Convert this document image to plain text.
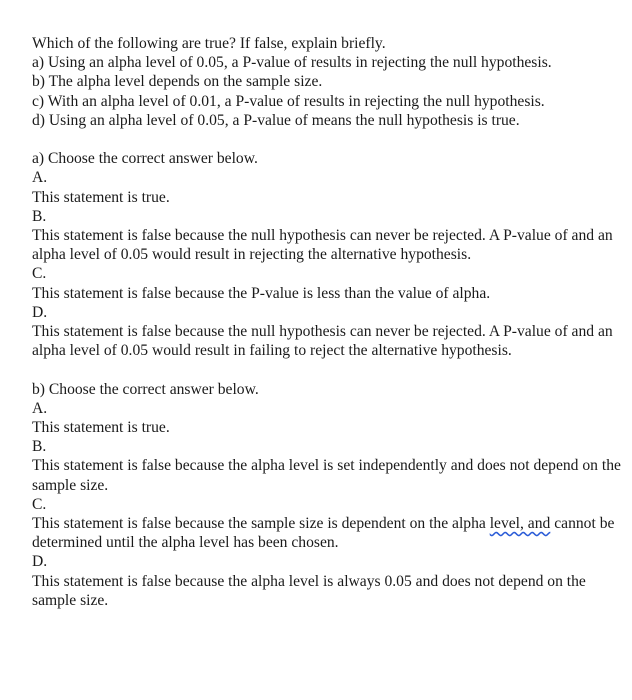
Which of the following are true? If false, explain briefly.
a) Using an alpha level of 0.05, a P-value of results in rejecting the null hypothesis.
b) The alpha level depends on the sample size.
c) With an alpha level of 0.01, a P-value of results in rejecting the null hypothesis.
d) Using an alpha level of 0.05, a P-value of means the null hypothesis is true.
a) Choose the correct answer below.
A.
This statement is true.
B.
This statement is false because the null hypothesis can never be rejected. A P-value of and an alpha level of 0.05 would result in rejecting the alternative hypothesis.
C.
This statement is false because the P-value is less than the value of alpha.
D.
This statement is false because the null hypothesis can never be rejected. A P-value of and an alpha level of 0.05 would result in failing to reject the alternative hypothesis.
b) Choose the correct answer below.
A.
This statement is true.
B.
This statement is false because the alpha level is set independently and does not depend on the sample size.
C.
This statement is false because the sample size is dependent on the alpha level, and cannot be determined until the alpha level has been chosen.
D.
This statement is false because the alpha level is always 0.05 and does not depend on the sample size.
